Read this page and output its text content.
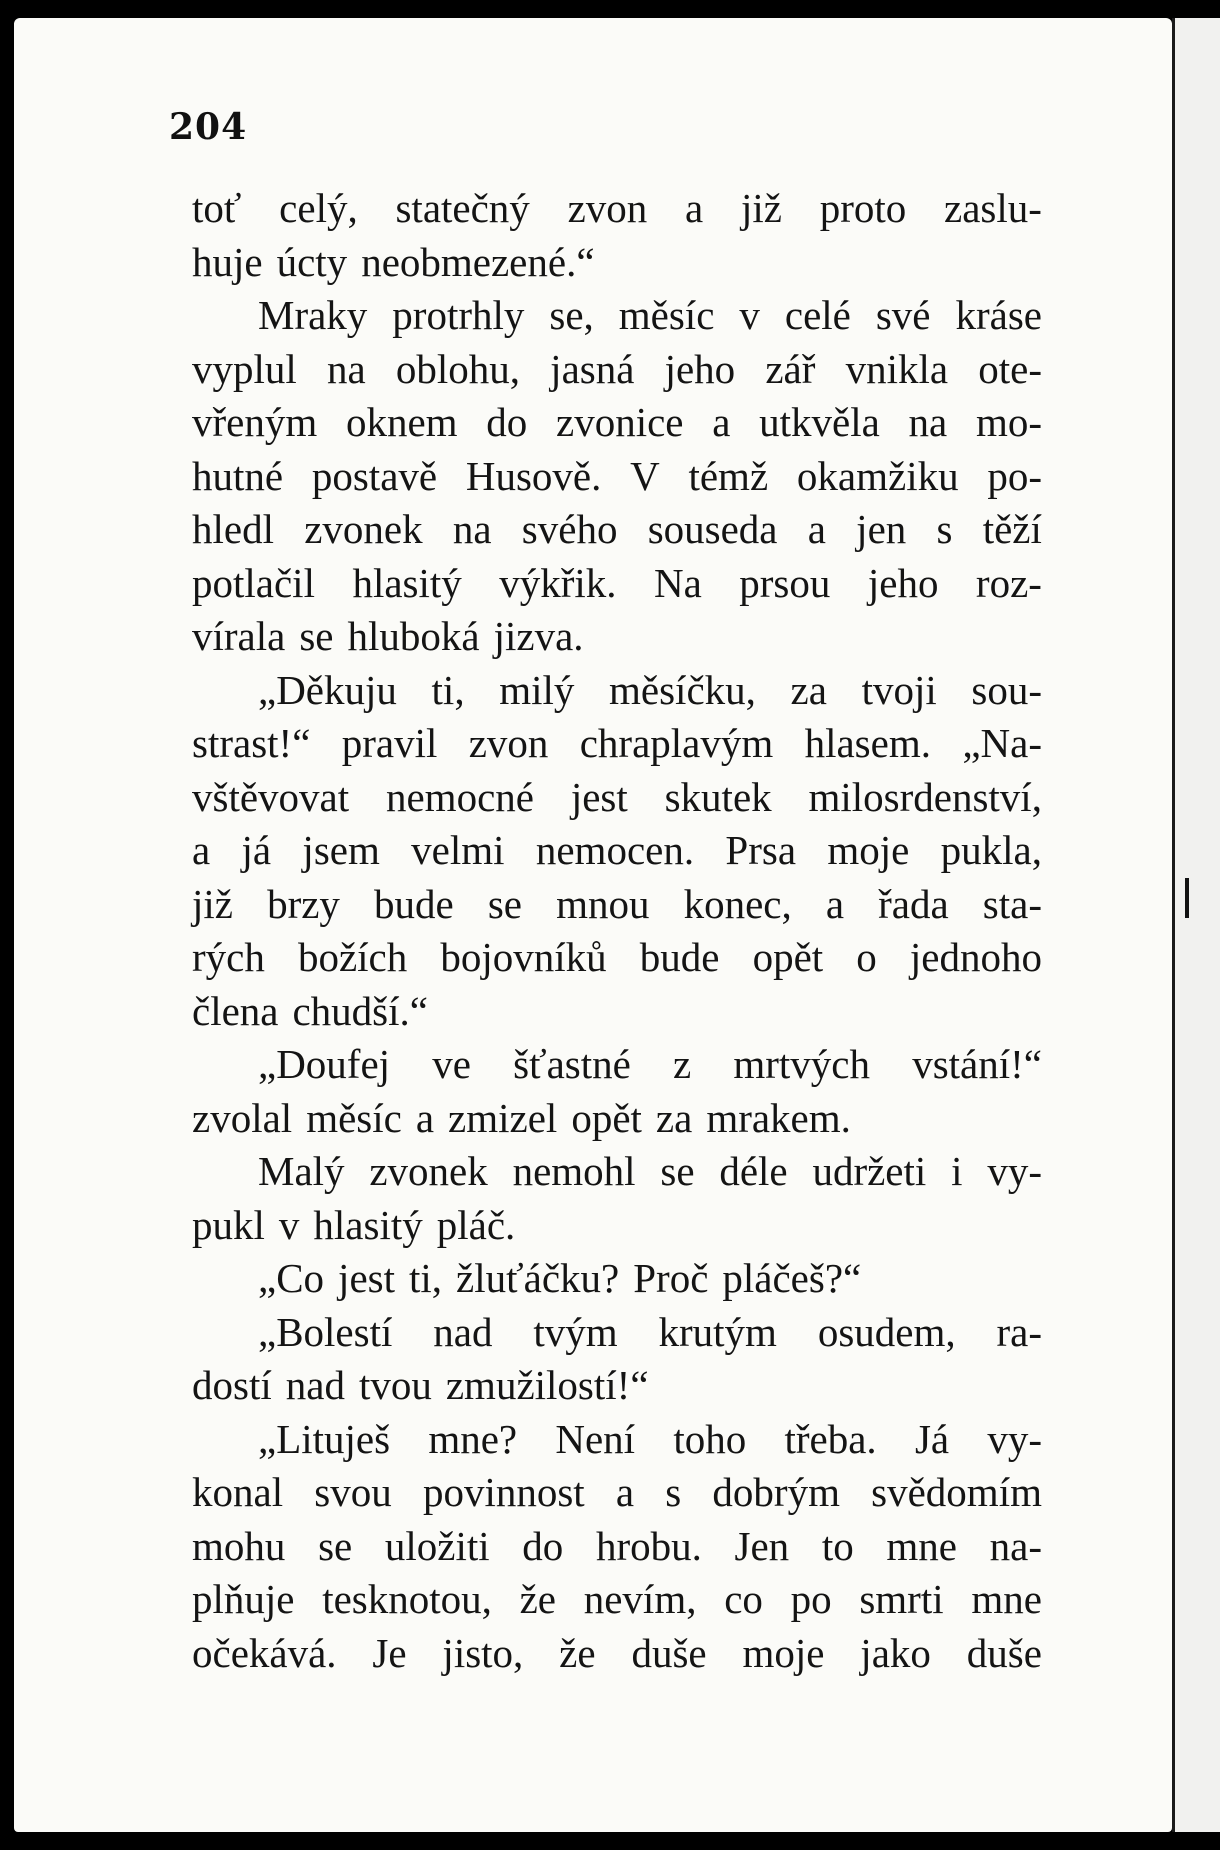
204
toť celý, statečný zvon a již proto zaslu-
huje úcty neobmezené.“
Mraky protrhly se, měsíc v celé své kráse
vyplul na oblohu, jasná jeho zář vnikla ote-
vřeným oknem do zvonice a utkvěla na mo-
hutné postavě Husově. V témž okamžiku po-
hledl zvonek na svého souseda a jen s těží
potlačil hlasitý výkřik. Na prsou jeho roz-
vírala se hluboká jizva.
„Děkuju ti, milý měsíčku, za tvoji sou-
strast!“ pravil zvon chraplavým hlasem. „Na-
vštěvovat nemocné jest skutek milosrdenství,
a já jsem velmi nemocen. Prsa moje pukla,
již brzy bude se mnou konec, a řada sta-
rých božích bojovníků bude opět o jednoho
člena chudší.“
„Doufej ve šťastné z mrtvých vstání!“
zvolal měsíc a zmizel opět za mrakem.
Malý zvonek nemohl se déle udržeti i vy-
pukl v hlasitý pláč.
„Co jest ti, žluťáčku? Proč pláčeš?“
„Bolestí nad tvým krutým osudem, ra-
dostí nad tvou zmužilostí!“
„Lituješ mne? Není toho třeba. Já vy-
konal svou povinnost a s dobrým svědomím
mohu se uložiti do hrobu. Jen to mne na-
plňuje tesknotou, že nevím, co po smrti mne
očekává. Je jisto, že duše moje jako duše
